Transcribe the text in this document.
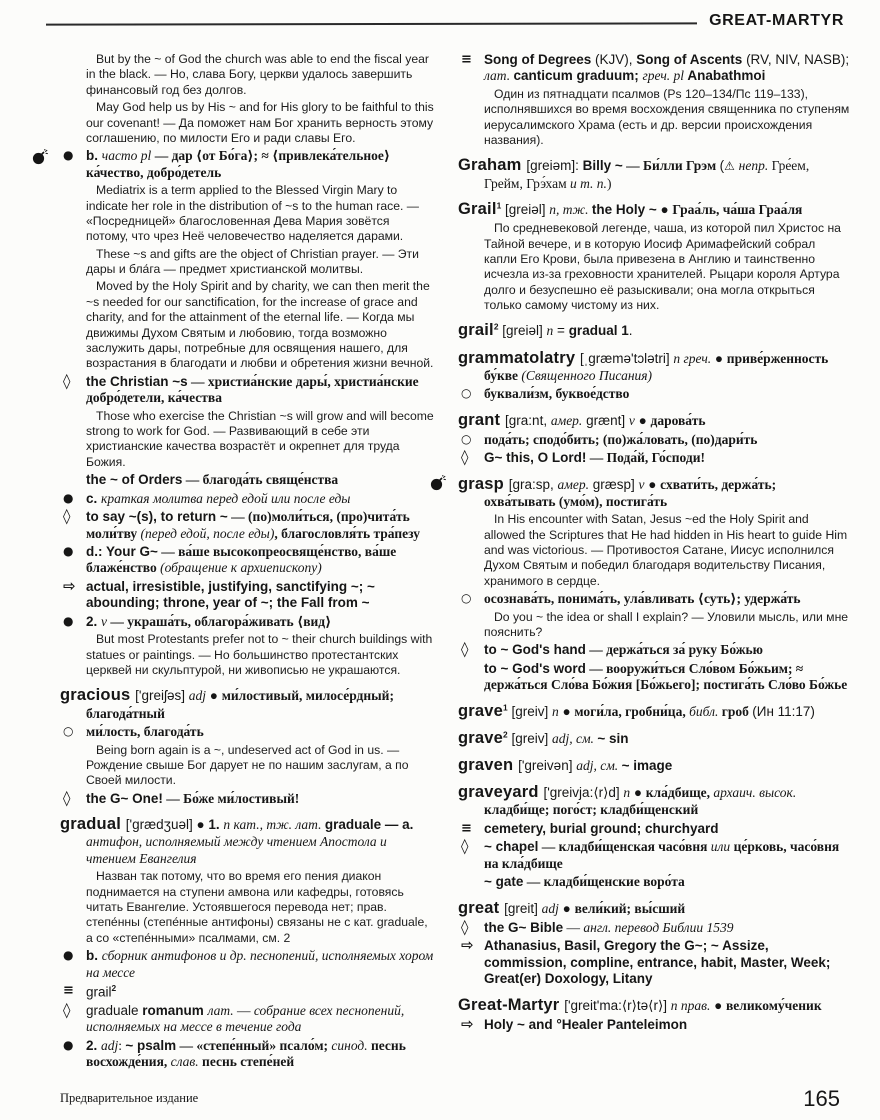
GREAT-MARTYR
But by the ~ of God the church was able to end the fiscal year in the black. — Но, слава Богу, церкви удалось завершить финансовый год без долгов.
May God help us by His ~ and for His glory to be faithful to this our covenant! — Да поможет нам Бог хранить верность этому соглашению, по милости Его и ради славы Его.
● b. часто pl — дар ⟨от Бо́га⟩; ≈ ⟨привлека́тельное⟩ ка́чество, добро́детель
Mediatrix is a term applied to the Blessed Virgin Mary to indicate her role in the distribution of ~s to the human race. — «Посредницей» благословенная Дева Мария зовётся потому, что чрез Неё человечество наделяется дарами.
These ~s and gifts are the object of Christian prayer. — Эти дары и бла́га — предмет христианской молитвы.
Moved by the Holy Spirit and by charity, we can then merit the ~s needed for our sanctification, for the increase of grace and charity, and for the attainment of the eternal life. — Когда мы движимы Духом Святым и любовию, тогда возможно заслужить дары, потребные для освящения нашего, для возрастания в благодати и любви и обретения жизни вечной.
◊	the Christian ~s — христиа́нские дары́, христиа́нские добро́детели, ка́чества
Those who exercise the Christian ~s will grow and will become strong to work for God. — Развивающий в себе эти христианские качества возрастёт и окрепнет для труда Божия.
the ~ of Orders — благода́ть свяще́нства
● c. краткая молитва перед едой или после еды
◊	to say ~(s), to return ~ — (по)моли́ться, (про)чита́ть моли́тву (перед едой, после еды), благословля́ть тра́пезу
● d.: Your G~ — ва́ше высокопреосвяще́нство, ва́ше блаже́нство (обращение к архиепископу)
⇨ actual, irresistible, justifying, sanctifying ~; ~ abounding; throne, year of ~; the Fall from ~
● 2. v — украша́ть, облагора́живать ⟨вид⟩
But most Protestants prefer not to ~ their church buildings with statues or paintings. — Но большинство протестантских церквей ни скульптурой, ни живописью не украшаются.
gracious ['greiʃəs] adj ● ми́лостивый, милосе́рдный; благода́тный
○ ми́лость, благода́ть
Being born again is a ~, undeserved act of God in us. — Рождение свыше Бог дарует не по нашим заслугам, а по Своей милости.
◊	the G~ One! — Бо́же ми́лостивый!
gradual ['grædʒuəl] ● 1. n кат., тж. лат. graduale — a. антифон, исполняемый между чтением Апостола и чтением Евангелия
Назван так потому, что во время его пения диакон поднимается на ступени амвона или кафедры, готовясь читать Евангелие. Устоявшегося перевода нет; прав. степе́нны (степе́нные антифоны) связаны не с кат. graduale, а со «степе́нными» псалмами, см. 2
● b. сборник антифонов и др. песнопений, исполняемых хором на мессе
≡ grail$^2$
◊	graduale romanum лат. — собрание всех песнопений, исполняемых на мессе в течение года
● 2. adj: ~ psalm — «степе́нный» псало́м; синод. песнь восхожде́ния, слав. песнь степе́ней
≡ Song of Degrees (KJV), Song of Ascents (RV, NIV, NASB); лат. canticum graduum; греч. pl Anabathmoi
Один из пятнадцати псалмов (Ps 120–134/Пс 119–133), исполнявшихся во время восхождения священника по ступеням иерусалимского Храма (есть и др. версии происхождения названия).
Graham [greiəm]: Billy ~ — Би́лли Грэм (⚠ непр. Гре́ем, Грейм, Грэ́хам и т. п.)
Grail$^1$ [greiəl] n, тж. the Holy ~ ● Граа́ль, ча́ша Граа́ля
По средневековой легенде, чаша, из которой пил Христос на Тайной вечере, и в которую Иосиф Аримафейский собрал капли Его Крови, была привезена в Англию и таинственно исчезла из-за греховности хранителей. Рыцари короля Артура долго и безуспешно её разыскивали; она могла открыться только самому чистому из них.
grail$^2$ [greiəl] n = gradual 1.
grammatolatry [ˌgræmə'tɔlətri] n греч. ● приве́рженность бу́кве (Священного Писания)
○ буквали́зм, буквое́дство
grant [gra:nt, амер. grænt] v ● дарова́ть
○ пода́ть; сподо́бить; (по)жа́ловать, (по)дари́ть
◊	G~ this, O Lord! — Пода́й, Го́споди!
grasp [gra:sp, амер. græsp] v ● схвати́ть, держа́ть; охва́тывать (умо́м), постига́ть
In His encounter with Satan, Jesus ~ed the Holy Spirit and allowed the Scriptures that He had hidden in His heart to guide Him and was victorious. — Противостоя Сатане, Иисус исполнился Духом Святым и победил благодаря водительству Писания, хранимого в сердце.
○ осознава́ть, понима́ть, ула́вливать ⟨суть⟩; удержа́ть
Do you ~ the idea or shall I explain? — Уловили мысль, или мне пояснить?
◊	to ~ God's hand — держа́ться за́ руку Бо́жью
to ~ God's word — вооружи́ться Сло́вом Бо́жьим; ≈ держа́ться Сло́ва Бо́жия [Бо́жьего]; постига́ть Сло́во Бо́жье
grave$^1$ [greiv] n ● моги́ла, гробни́ца, библ. гроб (Ин 11:17)
grave$^2$ [greiv] adj, см. ~ sin
graven ['greivən] adj, см. ~ image
graveyard ['greivja:⟨r⟩d] n ● кла́дбище, архаич. высок. кладби́ще; пого́ст; кладби́щенский
≡ cemetery, burial ground; churchyard
◊	~ chapel — кладби́щенская часо́вня или це́рковь, часо́вня на кла́дбище
~ gate — кладби́щенские воро́та
great [greit] adj ● вели́кий; вы́сший
◊	the G~ Bible — англ. перевод Библии 1539
⇨ Athanasius, Basil, Gregory the G~; ~ Assize, commission, compline, entrance, habit, Master, Week; Great(er) Doxology, Litany
Great-Martyr ['greit'ma:⟨r⟩tə⟨r⟩] n прав. ● великому́ченик
⇨ Holy ~ and °Healer Panteleimon
Предварительное издание	165
